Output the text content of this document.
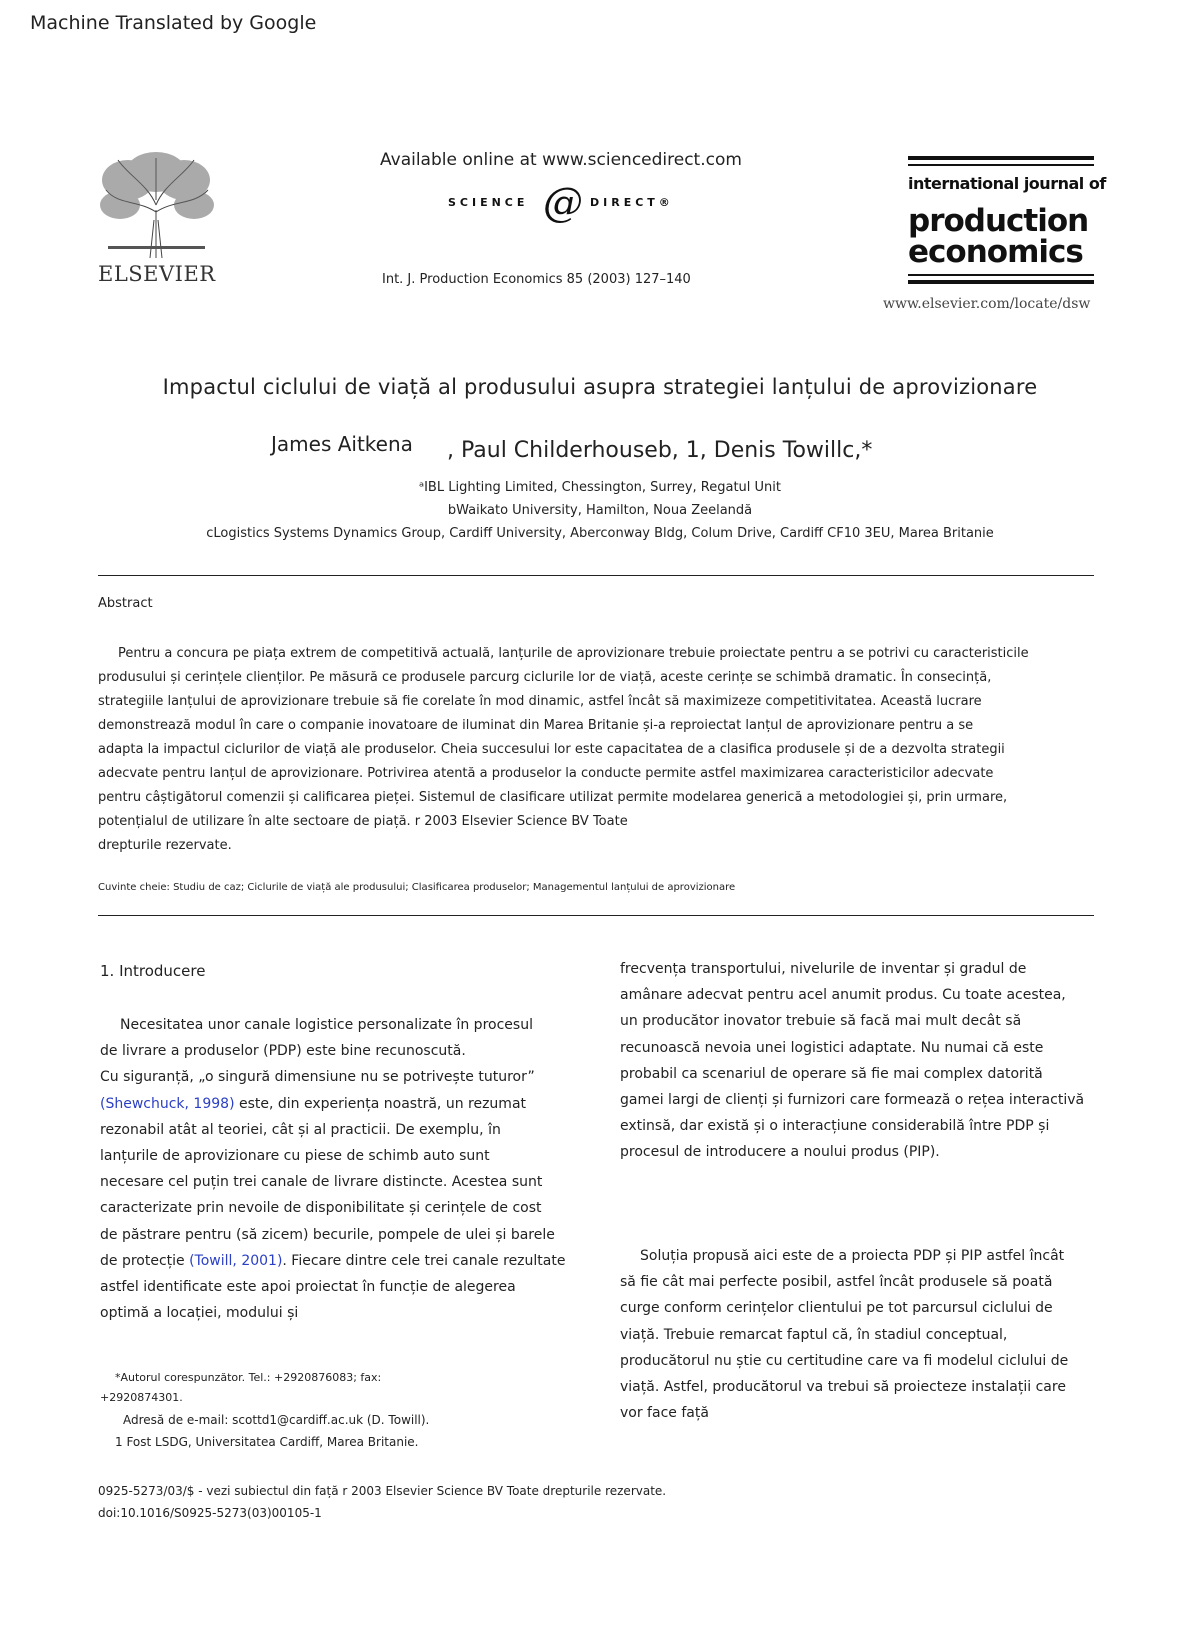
Machine Translated by Google
ELSEVIER
Available online at www.sciencedirect.com
SCIENCE @ DIRECT®
Int. J. Production Economics 85 (2003) 127–140
international journal of
production
economics
www.elsevier.com/locate/dsw
Impactul ciclului de viață al produsului asupra strategiei lanțului de aprovizionare
James Aitkena , Paul Childerhouseb, 1, Denis Towillc,*
ᵃIBL Lighting Limited, Chessington, Surrey, Regatul Unit
bWaikato University, Hamilton, Noua Zeelandă
cLogistics Systems Dynamics Group, Cardiff University, Aberconway Bldg, Colum Drive, Cardiff CF10 3EU, Marea Britanie
Abstract
Pentru a concura pe piața extrem de competitivă actuală, lanțurile de aprovizionare trebuie proiectate pentru a se potrivi cu caracteristicile
produsului și cerințele clienților. Pe măsură ce produsele parcurg ciclurile lor de viață, aceste cerințe se schimbă dramatic. În consecință,
strategiile lanțului de aprovizionare trebuie să fie corelate în mod dinamic, astfel încât să maximizeze competitivitatea. Această lucrare
demonstrează modul în care o companie inovatoare de iluminat din Marea Britanie și-a reproiectat lanțul de aprovizionare pentru a se
adapta la impactul ciclurilor de viață ale produselor. Cheia succesului lor este capacitatea de a clasifica produsele și de a dezvolta strategii
adecvate pentru lanțul de aprovizionare. Potrivirea atentă a produselor la conducte permite astfel maximizarea caracteristicilor adecvate
pentru câștigătorul comenzii și calificarea pieței. Sistemul de clasificare utilizat permite modelarea generică a metodologiei și, prin urmare,
potențialul de utilizare în alte sectoare de piață. r 2003 Elsevier Science BV Toate
drepturile rezervate.
Cuvinte cheie: Studiu de caz; Ciclurile de viață ale produsului; Clasificarea produselor; Managementul lanțului de aprovizionare
1. Introducere
Necesitatea unor canale logistice personalizate în procesul
de livrare a produselor (PDP) este bine recunoscută.
Cu siguranță, „o singură dimensiune nu se potrivește tuturor”
(Shewchuck, 1998) este, din experiența noastră, un rezumat
rezonabil atât al teoriei, cât și al practicii. De exemplu, în
lanțurile de aprovizionare cu piese de schimb auto sunt
necesare cel puțin trei canale de livrare distincte. Acestea sunt
caracterizate prin nevoile de disponibilitate și cerințele de cost
de păstrare pentru (să zicem) becurile, pompele de ulei și barele
de protecție (Towill, 2001). Fiecare dintre cele trei canale rezultate
astfel identificate este apoi proiectat în funcție de alegerea
optimă a locației, modului și
*Autorul corespunzător. Tel.: +2920876083; fax:
+2920874301.
Adresă de e-mail: scottd1@cardiff.ac.uk (D. Towill).
1 Fost LSDG, Universitatea Cardiff, Marea Britanie.
frecvența transportului, nivelurile de inventar și gradul de
amânare adecvat pentru acel anumit produs. Cu toate acestea,
un producător inovator trebuie să facă mai mult decât să
recunoască nevoia unei logistici adaptate. Nu numai că este
probabil ca scenariul de operare să fie mai complex datorită
gamei largi de clienți și furnizori care formează o rețea interactivă
extinsă, dar există și o interacțiune considerabilă între PDP și
procesul de introducere a noului produs (PIP).
Soluția propusă aici este de a proiecta PDP și PIP astfel încât
să fie cât mai perfecte posibil, astfel încât produsele să poată
curge conform cerințelor clientului pe tot parcursul ciclului de
viață. Trebuie remarcat faptul că, în stadiul conceptual,
producătorul nu știe cu certitudine care va fi modelul ciclului de
viață. Astfel, producătorul va trebui să proiecteze instalații care
vor face față
0925-5273/03/$ - vezi subiectul din față r 2003 Elsevier Science BV Toate drepturile rezervate.
doi:10.1016/S0925-5273(03)00105-1
